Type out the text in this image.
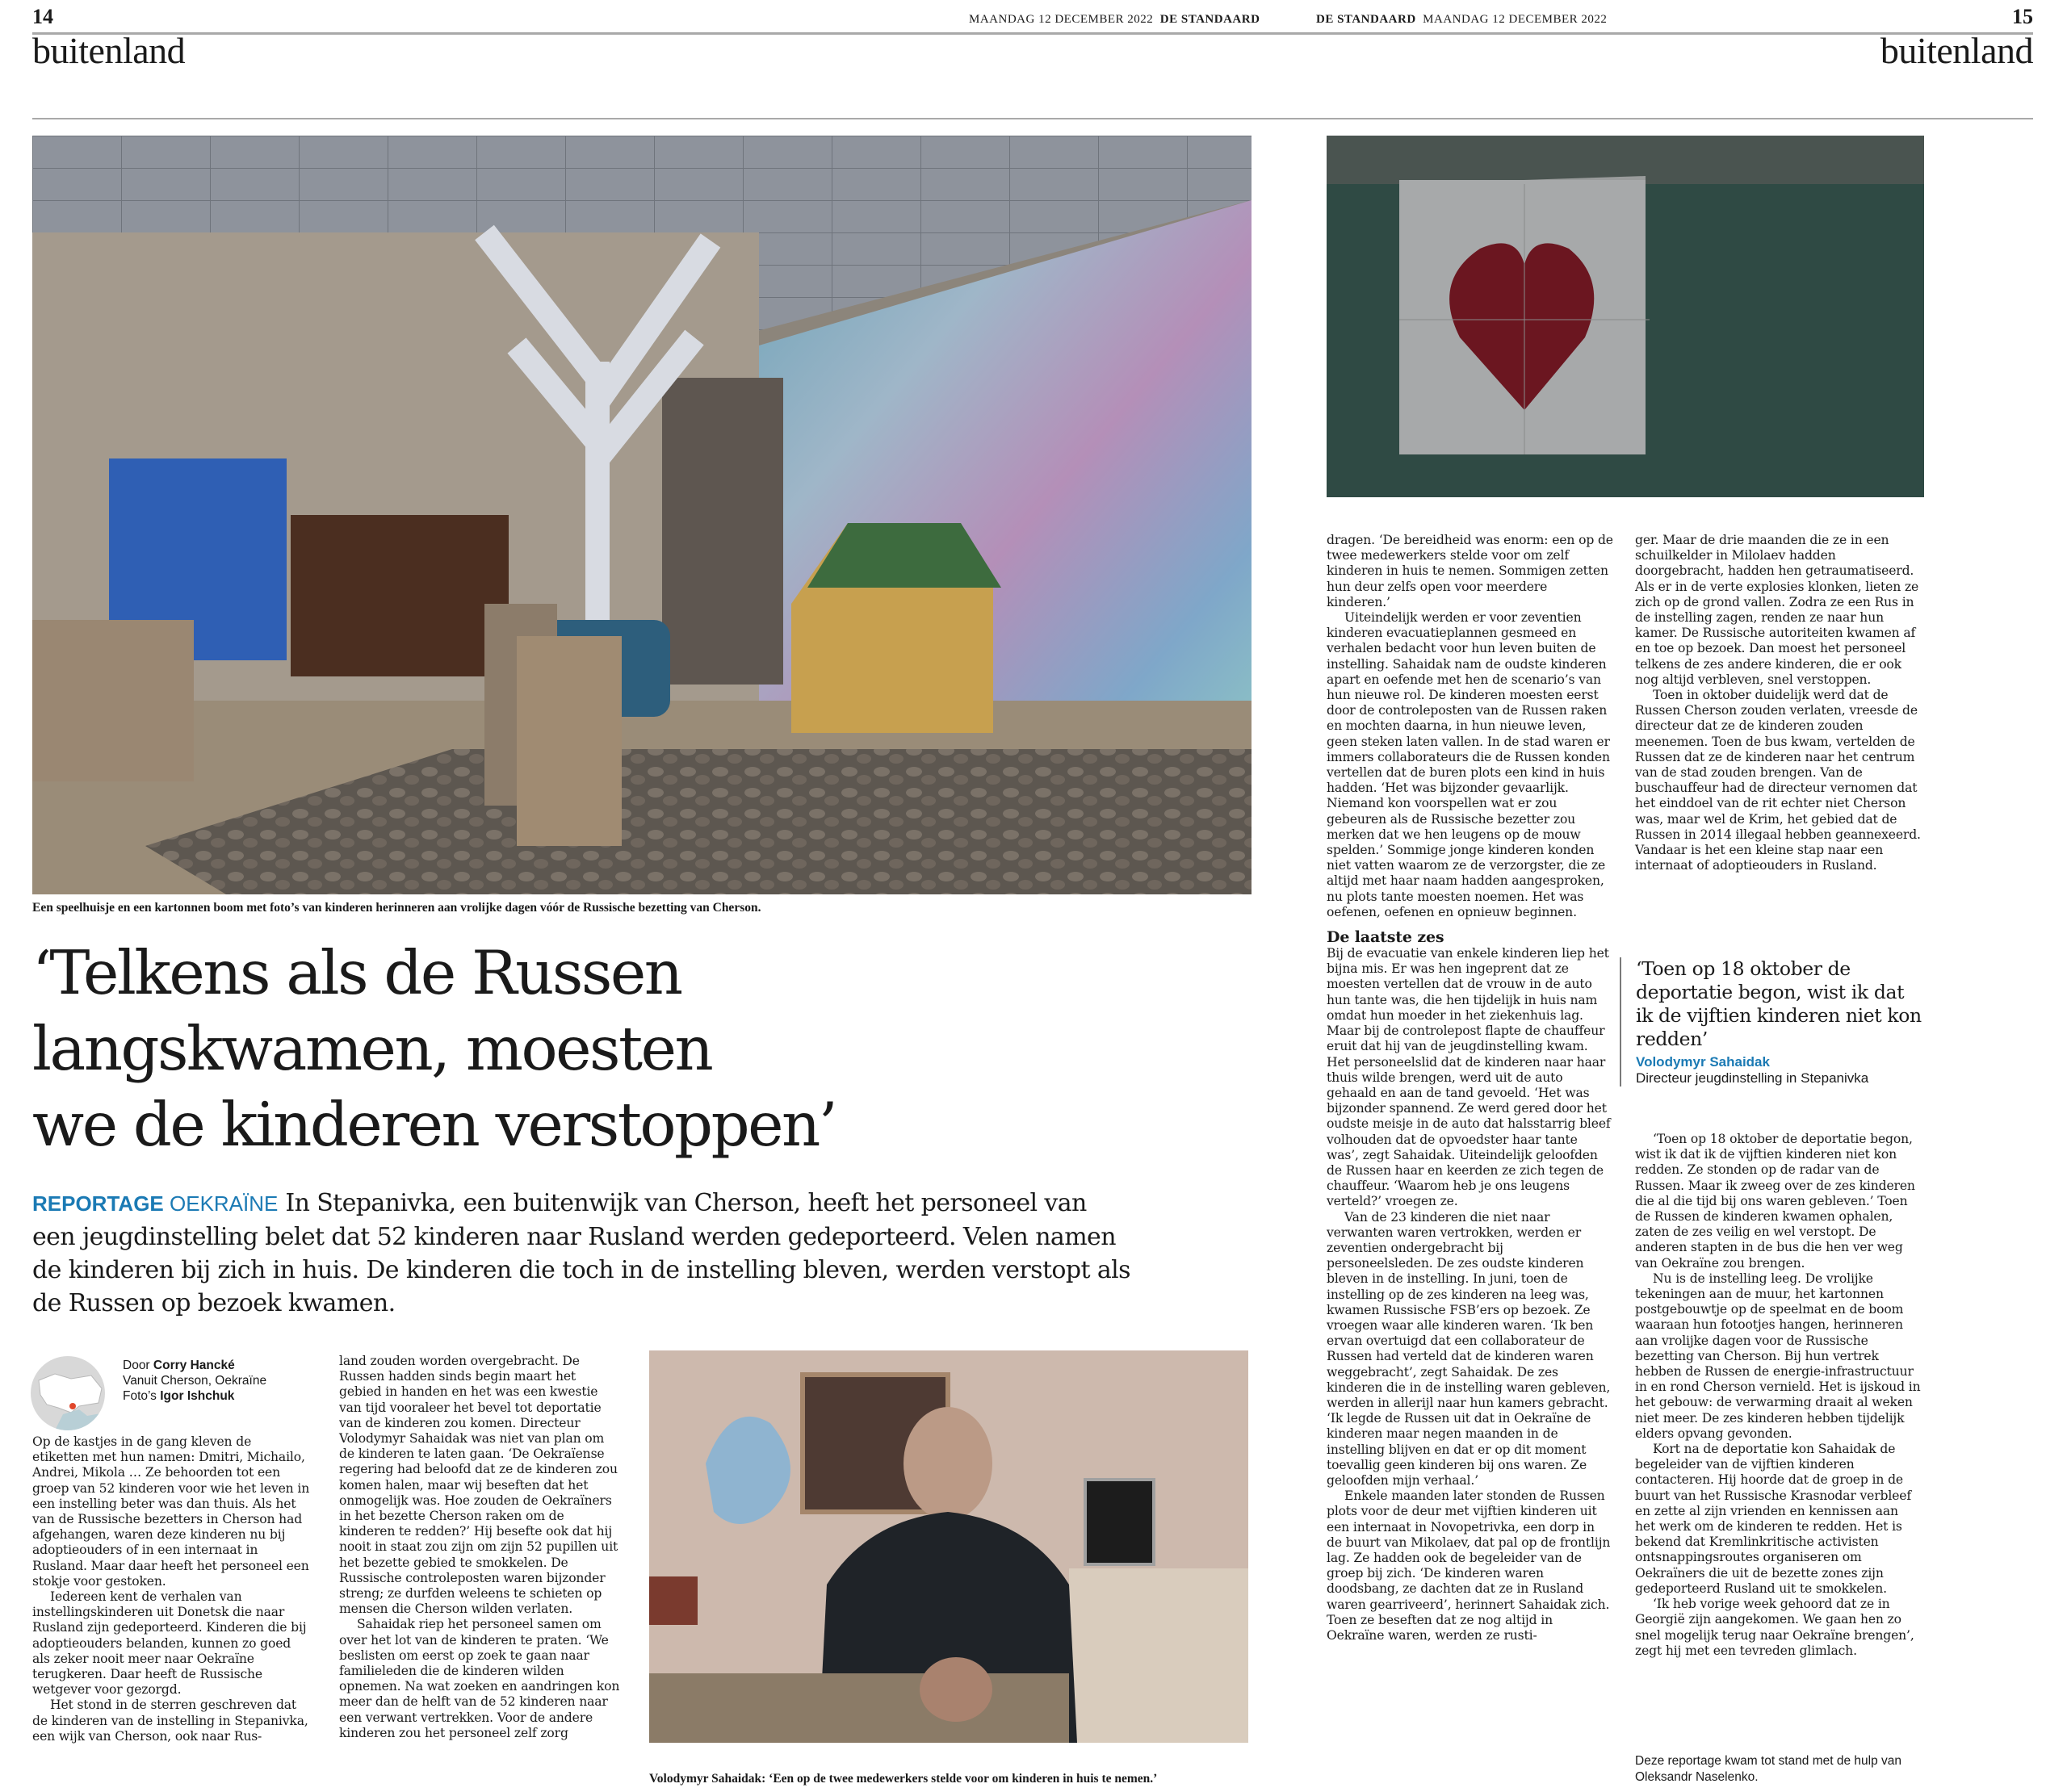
14	MAANDAG 12 DECEMBER 2022 DE STANDAARD
buitenland
DE STANDAARD MAANDAG 12 DECEMBER 2022	15
buitenland
Een speelhuisje en een kartonnen boom met foto’s van kinderen herinneren aan vrolijke dagen vóór de Russische bezetting van Cherson.
‘Telkens als de Russen
langskwamen, moesten
we de kinderen verstoppen’
REPORTAGE OEKRAÏNE In Stepanivka, een buitenwijk van Cherson, heeft het personeel van een jeugdinstelling belet dat 52 kinderen naar Rusland werden gedeporteerd. Velen namen de kinderen bij zich in huis. De kinderen die toch in de instelling bleven, werden verstopt als de Russen op bezoek kwamen.
Door Corry Hancké
Vanuit Cherson, Oekraïne
Foto’s Igor Ishchuk

Op de kastjes in de gang kleven de etiketten met hun namen: Dmitri, Michailo, Andrei, Mikola … Ze behoorden tot een groep van 52 kinderen voor wie het leven in een instelling beter was dan thuis. Als het van de Russische bezetters in Cherson had afgehangen, waren deze kinderen nu bij adoptieouders of in een internaat in Rusland. Maar daar heeft het personeel een stokje voor gestoken.

Iedereen kent de verhalen van instellingskinderen uit Donetsk die naar Rusland zijn gedeporteerd. Kinderen die bij adoptieouders belanden, kunnen zo goed als zeker nooit meer naar Oekraïne terugkeren. Daar heeft de Russische wetgever voor gezorgd.

Het stond in de sterren geschreven dat de kinderen van de instelling in Stepanivka, een wijk van Cherson, ook naar Rus-

land zouden worden overgebracht. De Russen hadden sinds begin maart het gebied in handen en het was een kwestie van tijd vooraleer het bevel tot deportatie van de kinderen zou komen. Directeur Volodymyr Sahaidak was niet van plan om de kinderen te laten gaan. ‘De Oekraïense regering had beloofd dat ze de kinderen zou komen halen, maar wij beseften dat het onmogelijk was. Hoe zouden de Oekraïners in het bezette Cherson raken om de kinderen te redden?’ Hij besefte ook dat hij nooit in staat zou zijn om zijn 52 pupillen uit het bezette gebied te smokkelen. De Russische controleposten waren bijzonder streng; ze durfden weleens te schieten op mensen die Cherson wilden verlaten.

Sahaidak riep het personeel samen om over het lot van de kinderen te praten. ‘We beslisten om eerst op zoek te gaan naar familieleden die de kinderen wilden opnemen. Na wat zoeken en aandringen kon meer dan de helft van de 52 kinderen naar een verwant vertrekken. Voor de andere kinderen zou het personeel zelf zorg

Volodymyr Sahaidak: ‘Een op de twee medewerkers stelde voor om kinderen in huis te nemen.’

dragen. ‘De bereidheid was enorm: een op de twee medewerkers stelde voor om zelf kinderen in huis te nemen. Sommigen zetten hun deur zelfs open voor meerdere kinderen.’

Uiteindelijk werden er voor zeventien kinderen evacuatieplannen gesmeed en verhalen bedacht voor hun leven buiten de instelling. Sahaidak nam de oudste kinderen apart en oefende met hen de scenario’s van hun nieuwe rol. De kinderen moesten eerst door de controleposten van de Russen raken en mochten daarna, in hun nieuwe leven, geen steken laten vallen. In de stad waren er immers collaborateurs die de Russen konden vertellen dat de buren plots een kind in huis hadden. ‘Het was bijzonder gevaarlijk. Niemand kon voorspellen wat er zou gebeuren als de Russische bezetter zou merken dat we hen leugens op de mouw spelden.’ Sommige jonge kinderen konden niet vatten waarom ze de verzorgster, die ze altijd met haar naam hadden aangesproken, nu plots tante moesten noemen. Het was oefenen, oefenen en opnieuw beginnen.

De laatste zes

Bij de evacuatie van enkele kinderen liep het bijna mis. Er was hen ingeprent dat ze moesten vertellen dat de vrouw in de auto hun tante was, die hen tijdelijk in huis nam omdat hun moeder in het ziekenhuis lag. Maar bij de controlepost flapte de chauffeur eruit dat hij van de jeugdinstelling kwam. Het personeelslid dat de kinderen naar haar thuis wilde brengen, werd uit de auto gehaald en aan de tand gevoeld. ‘Het was bijzonder spannend. Ze werd gered door het oudste meisje in de auto dat halsstarrig bleef volhouden dat de opvoedster haar tante was’, zegt Sahaidak. Uiteindelijk geloofden de Russen haar en keerden ze zich tegen de chauffeur. ‘Waarom heb je ons leugens verteld?’ vroegen ze.

Van de 23 kinderen die niet naar verwanten waren vertrokken, werden er zeventien ondergebracht bij personeelsleden. De zes oudste kinderen bleven in de instelling. In juni, toen de instelling op de zes kinderen na leeg was, kwamen Russische FSB’ers op bezoek. Ze vroegen waar alle kinderen waren. ‘Ik ben ervan overtuigd dat een collaborateur de Russen had verteld dat de kinderen waren weggebracht’, zegt Sahaidak. De zes kinderen die in de instelling waren gebleven, werden in allerijl naar hun kamers gebracht. ‘Ik legde de Russen uit dat in Oekraïne de kinderen maar negen maanden in de instelling blijven en dat er op dit moment toevallig geen kinderen bij ons waren. Ze geloofden mijn verhaal.’

Enkele maanden later stonden de Russen plots voor de deur met vijftien kinderen uit een internaat in Novopetrivka, een dorp in de buurt van Mikolaev, dat pal op de frontlijn lag. Ze hadden ook de begeleider van de groep bij zich. ‘De kinderen waren doodsbang, ze dachten dat ze in Rusland waren gearriveerd’, herinnert Sahaidak zich. Toen ze beseften dat ze nog altijd in Oekraïne waren, werden ze rusti-

ger. Maar de drie maanden die ze in een schuilkelder in Milolaev hadden doorgebracht, hadden hen getraumatiseerd. Als er in de verte explosies klonken, lieten ze zich op de grond vallen. Zodra ze een Rus in de instelling zagen, renden ze naar hun kamer. De Russische autoriteiten kwamen af en toe op bezoek. Dan moest het personeel telkens de zes andere kinderen, die er ook nog altijd verbleven, snel verstoppen.

Toen in oktober duidelijk werd dat de Russen Cherson zouden verlaten, vreesde de directeur dat ze de kinderen zouden meenemen. Toen de bus kwam, vertelden de Russen dat ze de kinderen naar het centrum van de stad zouden brengen. Van de buschauffeur had de directeur vernomen dat het einddoel van de rit echter niet Cherson was, maar wel de Krim, het gebied dat de Russen in 2014 illegaal hebben geannexeerd. Vandaar is het een kleine stap naar een internaat of adoptieouders in Rusland.

‘Toen op 18 oktober de deportatie begon, wist ik dat ik de vijftien kinderen niet kon redden’
Volodymyr Sahaidak
Directeur jeugdinstelling in Stepanivka

‘Toen op 18 oktober de deportatie begon, wist ik dat ik de vijftien kinderen niet kon redden. Ze stonden op de radar van de Russen. Maar ik zweeg over de zes kinderen die al die tijd bij ons waren gebleven.’ Toen de Russen de kinderen kwamen ophalen, zaten de zes veilig en wel verstopt. De anderen stapten in de bus die hen ver weg van Oekraïne zou brengen.

Nu is de instelling leeg. De vrolijke tekeningen aan de muur, het kartonnen postgebouwtje op de speelmat en de boom waaraan hun fotootjes hangen, herinneren aan vrolijke dagen voor de Russische bezetting van Cherson. Bij hun vertrek hebben de Russen de energie-infrastructuur in en rond Cherson vernield. Het is ijskoud in het gebouw: de verwarming draait al weken niet meer. De zes kinderen hebben tijdelijk elders opvang gevonden.

Kort na de deportatie kon Sahaidak de begeleider van de vijftien kinderen contacteren. Hij hoorde dat de groep in de buurt van het Russische Krasnodar verbleef en zette al zijn vrienden en kennissen aan het werk om de kinderen te redden. Het is bekend dat Kremlinkritische activisten ontsnappingsroutes organiseren om Oekraïners die uit de bezette zones zijn gedeporteerd Rusland uit te smokkelen.

‘Ik heb vorige week gehoord dat ze in Georgië zijn aangekomen. We gaan hen zo snel mogelijk terug naar Oekraïne brengen’, zegt hij met een tevreden glimlach.

Deze reportage kwam tot stand met de hulp van Oleksandr Naselenko.
